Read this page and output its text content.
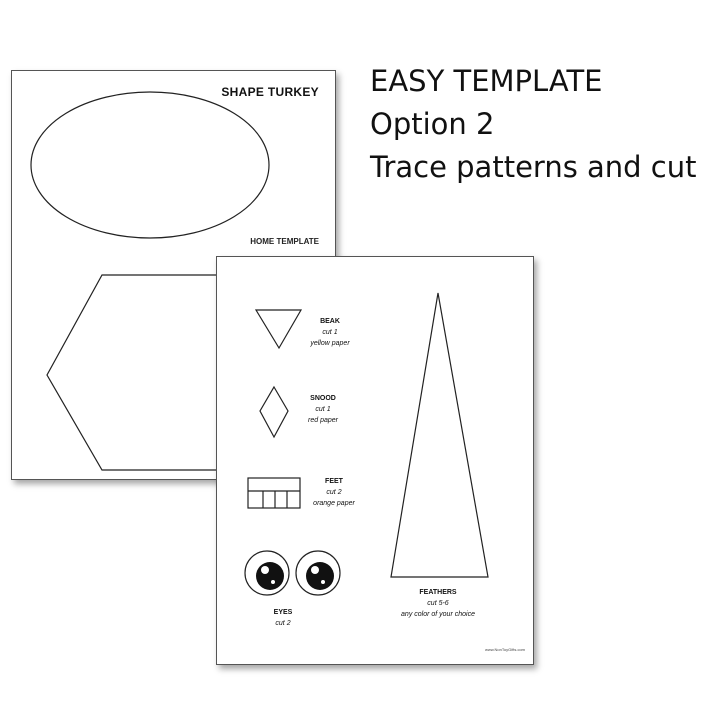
EASY TEMPLATE
Option 2
Trace patterns and cut
SHAPE TURKEY
HOME TEMPLATE
BEAK
cut 1
yellow paper
SNOOD
cut 1
red paper
FEET
cut 2
orange paper
EYES
cut 2
FEATHERS
cut 5-6
any color of your choice
www.NonToyGifts.com
